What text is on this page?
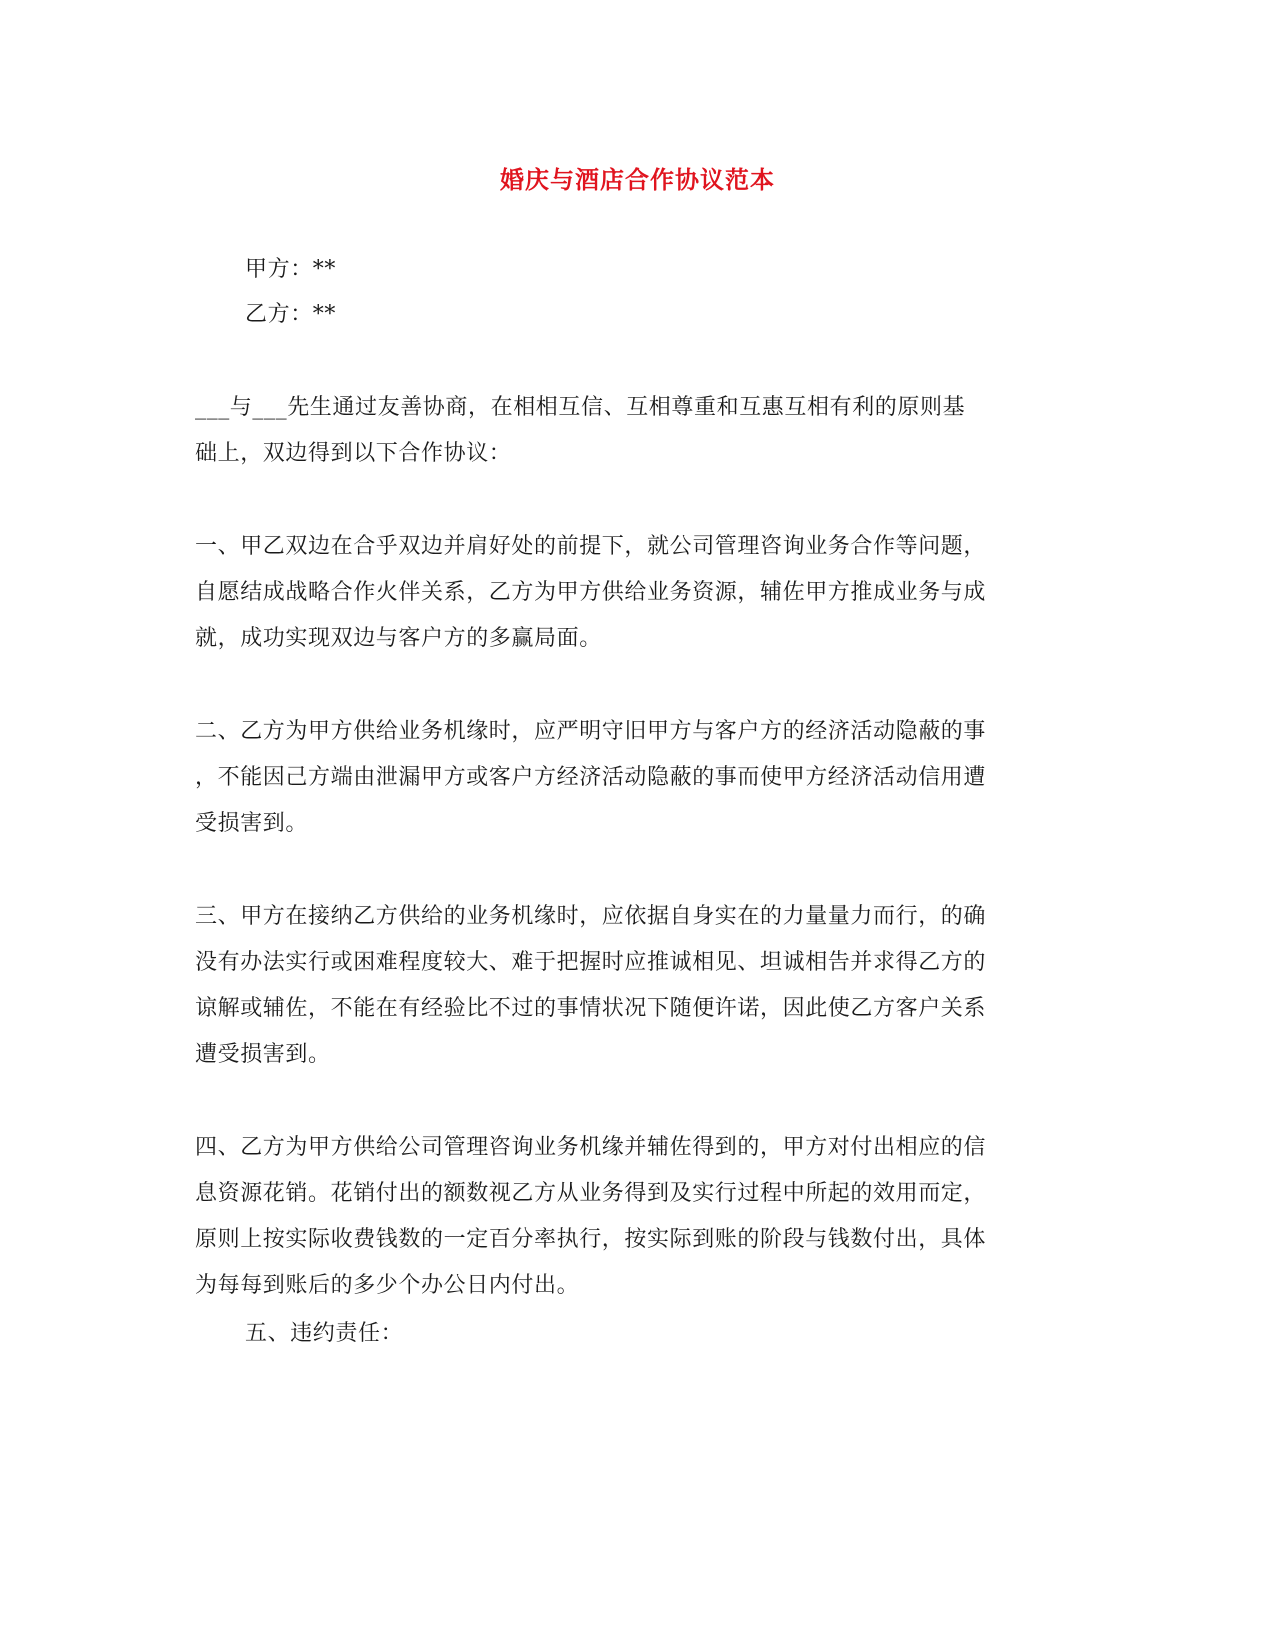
婚庆与酒店合作协议范本
甲方：**
乙方：**
___与___先生通过友善协商，在相相互信、互相尊重和互惠互相有利的原则基
础上，双边得到以下合作协议：
一、甲乙双边在合乎双边并肩好处的前提下，就公司管理咨询业务合作等问题，
自愿结成战略合作火伴关系，乙方为甲方供给业务资源，辅佐甲方推成业务与成
就，成功实现双边与客户方的多赢局面。
二、乙方为甲方供给业务机缘时，应严明守旧甲方与客户方的经济活动隐蔽的事
，不能因己方端由泄漏甲方或客户方经济活动隐蔽的事而使甲方经济活动信用遭
受损害到。
三、甲方在接纳乙方供给的业务机缘时，应依据自身实在的力量量力而行，的确
没有办法实行或困难程度较大、难于把握时应推诚相见、坦诚相告并求得乙方的
谅解或辅佐，不能在有经验比不过的事情状况下随便许诺，因此使乙方客户关系
遭受损害到。
四、乙方为甲方供给公司管理咨询业务机缘并辅佐得到的，甲方对付出相应的信
息资源花销。花销付出的额数视乙方从业务得到及实行过程中所起的效用而定，
原则上按实际收费钱数的一定百分率执行，按实际到账的阶段与钱数付出，具体
为每每到账后的多少个办公日内付出。
五、违约责任：
